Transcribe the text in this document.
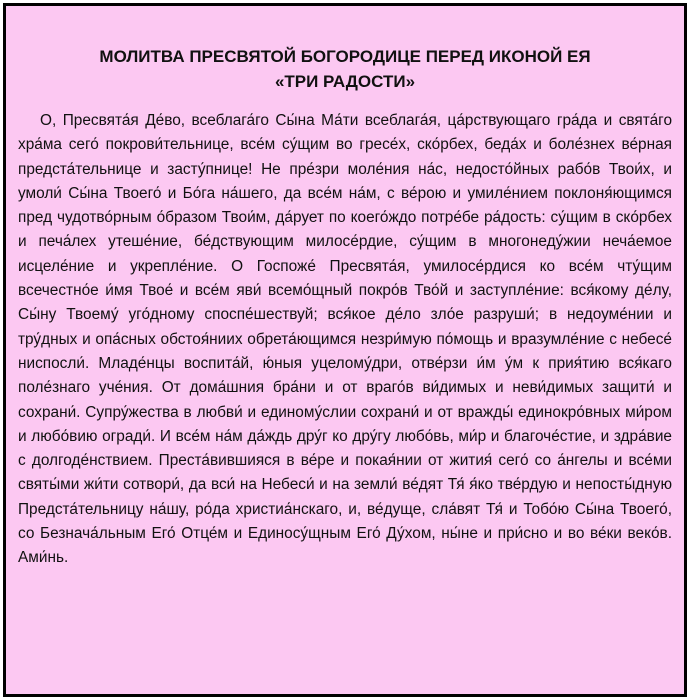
МОЛИТВА ПРЕСВЯТОЙ БОГОРОДИЦЕ ПЕРЕД ИКОНОЙ ЕЯ
«ТРИ РАДОСТИ»

О, Пресвята́я Де́во, всеблага́го Сы́на Ма́ти всеблага́я, ца́рствующаго гра́да и свята́го хра́ма сего́ покрови́тельнице, все́м су́щим во гресе́х, ско́рбех, беда́х и боле́знех ве́рная предста́тельнице и засту́пнице! Не пре́зри моле́ния на́с, недосто́йных рабо́в Твои́х, и умоли́ Сы́на Твоего́ и Бо́га на́шего, да все́м на́м, с ве́рою и умиле́нием поклоня́ющимся пред чудотво́рным о́бразом Твои́м, да́рует по коего́ждо потре́бе ра́дость: су́щим в ско́рбех и печа́лех утеше́ние, бе́дствующим милосе́рдие, су́щим в многонеду́жии неча́емое исцеле́ние и укрепле́ние. О Госпоже́ Пресвята́я, умилосе́рдися ко все́м чту́щим всечестно́е и́мя Твое́ и все́м яви́ всемо́щный покро́в Тво́й и заступле́ние: вся́кому де́лу, Сы́ну Твоему́ уго́дному споспе́шествуй; вся́кое де́ло зло́е разруши́; в недоуме́нии и тру́дных и опа́сных обстоя́ниих обрета́ющимся незри́мую по́мощь и вразумле́ние с небесе́ ниспосли́. Младе́нцы воспита́й, ю́ныя уцелому́дри, отве́рзи и́м у́м к прия́тию вся́каго поле́знаго уче́ния. От дома́шния бра́ни и от враго́в ви́димых и неви́димых защити́ и сохрани́. Супру́жества в любви́ и единому́слии сохрани́ и от вражды́ единокро́вных ми́ром и любо́вию огради́. И все́м на́м да́ждь дру́г ко дру́гу любо́вь, ми́р и благоче́стие, и здра́вие с долгоде́нствием. Преста́вившияся в ве́ре и покая́нии от жития́ сего́ со а́нгелы и все́ми святы́ми жи́ти сотвори́, да вси́ на Небеси́ и на земли́ ве́дят Тя́ я́ко тве́рдую и непосты́дную Предста́тельницу на́шу, ро́да христиа́нскаго, и, ве́дуще, сла́вят Тя́ и Тобо́ю Сы́на Твоего́, со Безнача́льным Его́ Отце́м и Единосу́щным Его́ Ду́хом, ны́не и при́сно и во ве́ки веко́в. Ами́нь.
